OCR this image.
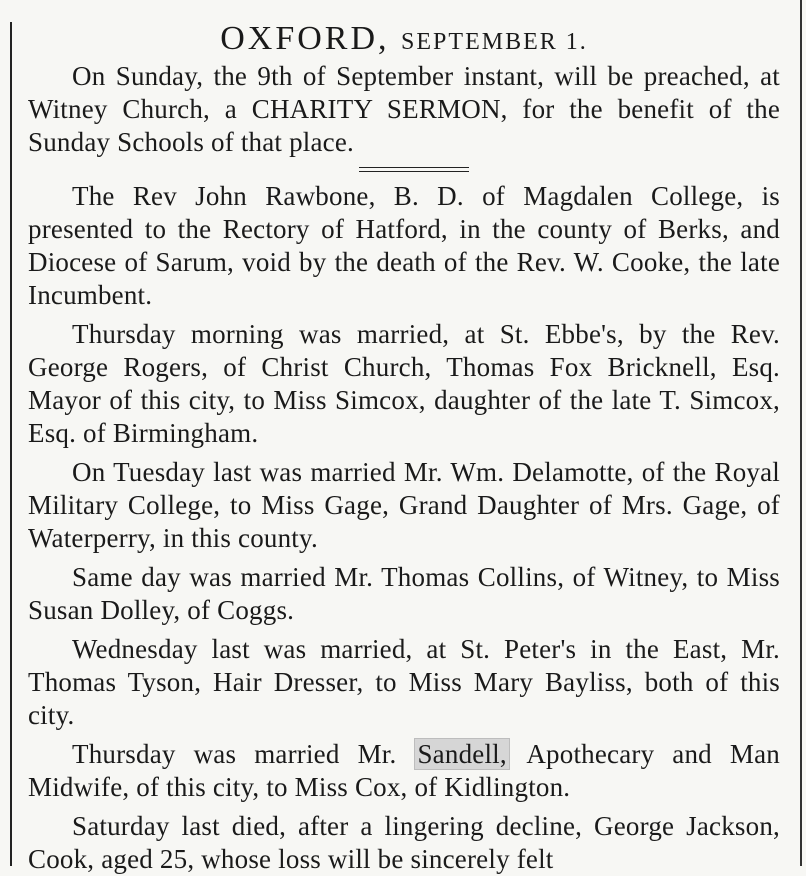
OXFORD, SEPTEMBER 1.

On Sunday, the 9th of September instant, will be preached, at Witney Church, a CHARITY SERMON, for the benefit of the Sunday Schools of that place.

The Rev John Rawbone, B. D. of Magdalen College, is presented to the Rectory of Hatford, in the county of Berks, and Diocese of Sarum, void by the death of the Rev. W. Cooke, the late Incumbent.

Thursday morning was married, at St. Ebbe's, by the Rev. George Rogers, of Christ Church, Thomas Fox Bricknell, Esq. Mayor of this city, to Miss Simcox, daughter of the late T. Simcox, Esq. of Birmingham.

On Tuesday last was married Mr. Wm. Delamotte, of the Royal Military College, to Miss Gage, Grand Daughter of Mrs. Gage, of Waterperry, in this county.

Same day was married Mr. Thomas Collins, of Witney, to Miss Susan Dolley, of Coggs.

Wednesday last was married, at St. Peter's in the East, Mr. Thomas Tyson, Hair Dresser, to Miss Mary Bayliss, both of this city.

Thursday was married Mr. Sandell, Apothecary and Man Midwife, of this city, to Miss Cox, of Kidlington.

Saturday last died, after a lingering decline, George Jackson, Cook, aged 25, whose loss will be sincerely felt
